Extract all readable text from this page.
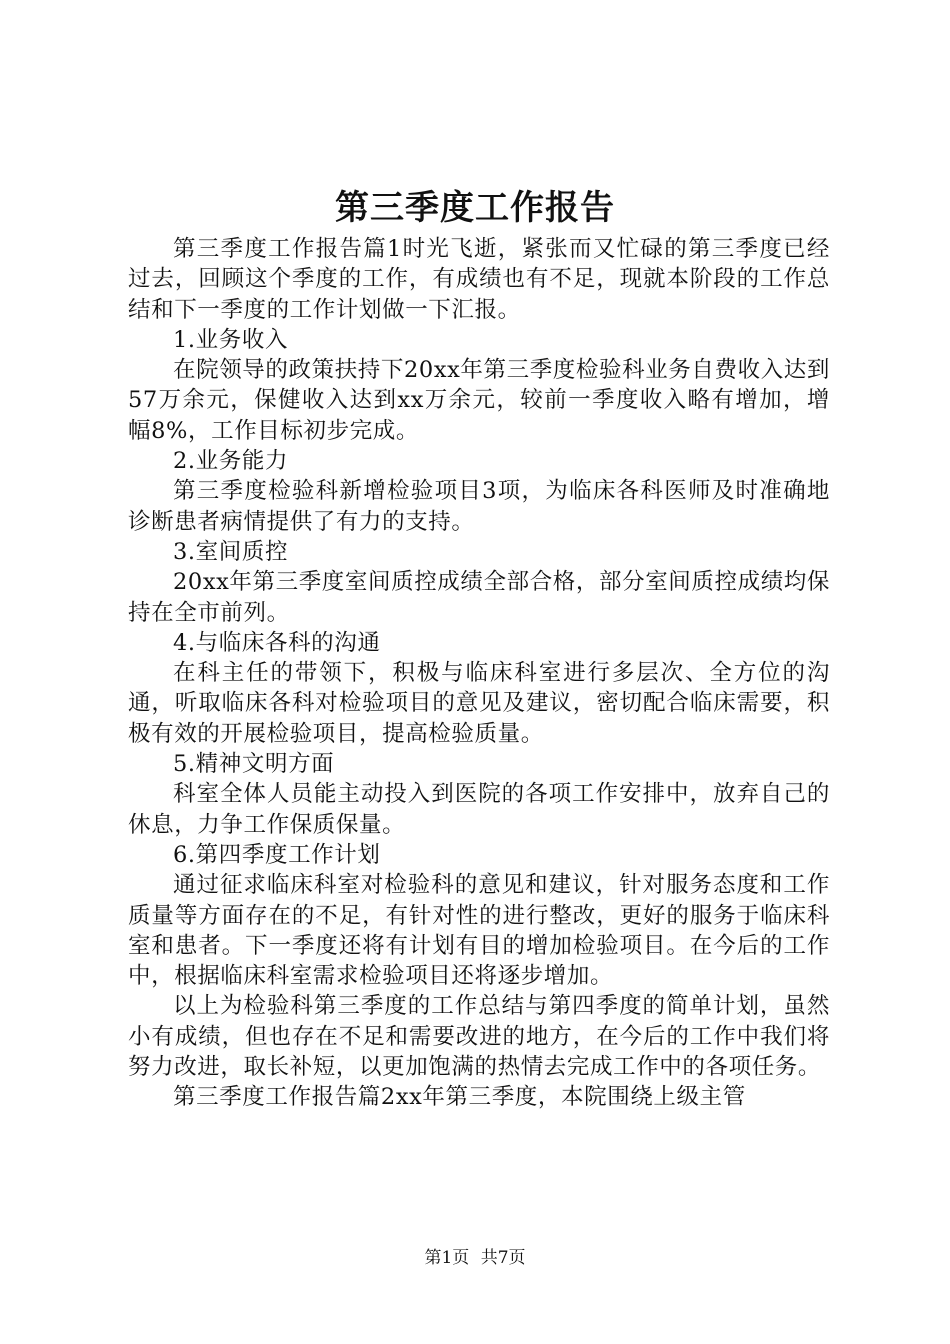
第三季度工作报告

第三季度工作报告篇1时光飞逝，紧张而又忙碌的第三季度已经过去，回顾这个季度的工作，有成绩也有不足，现就本阶段的工作总结和下一季度的工作计划做一下汇报。

1.业务收入

在院领导的政策扶持下20xx年第三季度检验科业务自费收入达到57万余元，保健收入达到xx万余元，较前一季度收入略有增加，增幅8%，工作目标初步完成。

2.业务能力

第三季度检验科新增检验项目3项，为临床各科医师及时准确地诊断患者病情提供了有力的支持。

3.室间质控

20xx年第三季度室间质控成绩全部合格，部分室间质控成绩均保持在全市前列。

4.与临床各科的沟通

在科主任的带领下，积极与临床科室进行多层次、全方位的沟通，听取临床各科对检验项目的意见及建议，密切配合临床需要，积极有效的开展检验项目，提高检验质量。

5.精神文明方面

科室全体人员能主动投入到医院的各项工作安排中，放弃自己的休息，力争工作保质保量。

6.第四季度工作计划

通过征求临床科室对检验科的意见和建议，针对服务态度和工作质量等方面存在的不足，有针对性的进行整改，更好的服务于临床科室和患者。下一季度还将有计划有目的增加检验项目。在今后的工作中，根据临床科室需求检验项目还将逐步增加。

以上为检验科第三季度的工作总结与第四季度的简单计划，虽然小有成绩，但也存在不足和需要改进的地方，在今后的工作中我们将努力改进，取长补短，以更加饱满的热情去完成工作中的各项任务。

第三季度工作报告篇2xx年第三季度，本院围绕上级主管

第1页 共7页
